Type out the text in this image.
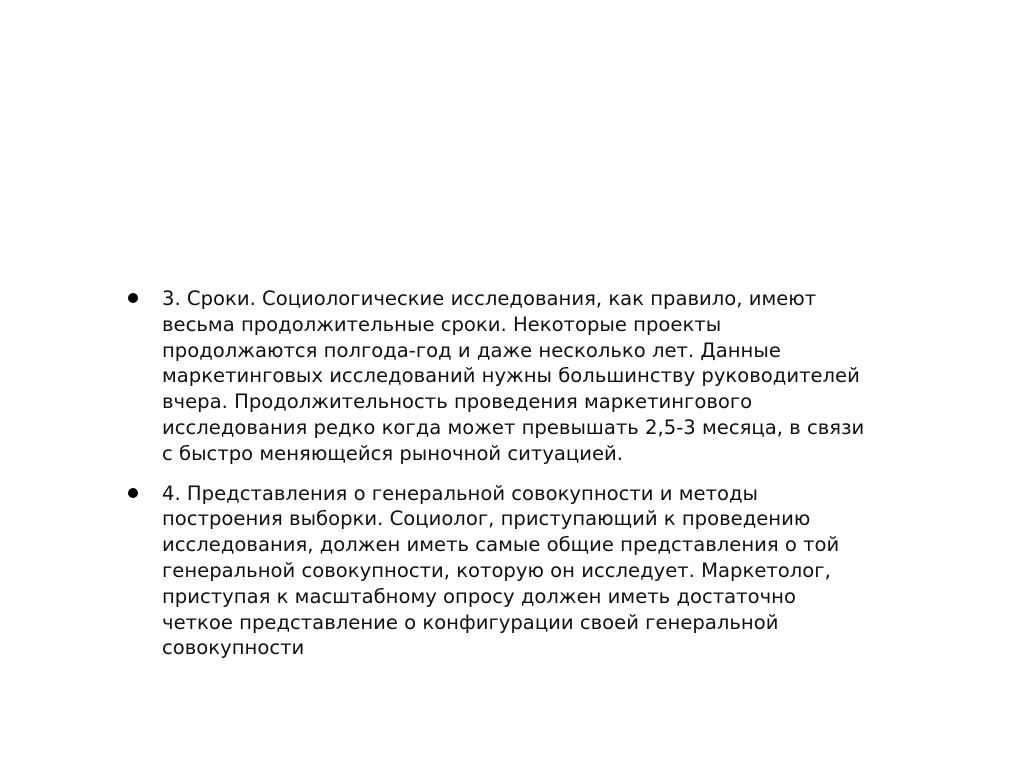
3. Сроки. Социологические исследования, как правило, имеют
весьма продолжительные сроки. Некоторые проекты
продолжаются полгода-год и даже несколько лет. Данные
маркетинговых исследований нужны большинству руководителей
вчера. Продолжительность проведения маркетингового
исследования редко когда может превышать 2,5-3 месяца, в связи
с быстро меняющейся рыночной ситуацией.
4. Представления о генеральной совокупности и методы
построения выборки. Социолог, приступающий к проведению
исследования, должен иметь самые общие представления о той
генеральной совокупности, которую он исследует. Маркетолог,
приступая к масштабному опросу должен иметь достаточно
четкое представление о конфигурации своей генеральной
совокупности
